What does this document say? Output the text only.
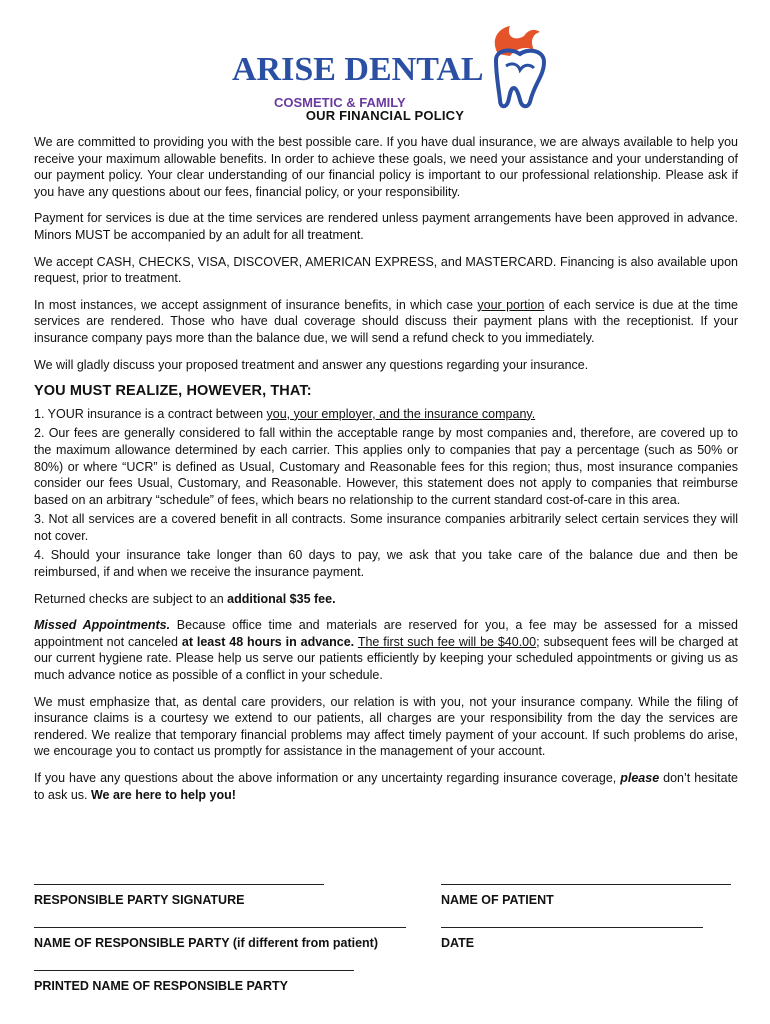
ARISE DENTAL
COSMETIC & FAMILY
OUR FINANCIAL POLICY

We are committed to providing you with the best possible care. If you have dual insurance, we are always available to help you receive your maximum allowable benefits. In order to achieve these goals, we need your assistance and your understanding of our payment policy. Your clear understanding of our financial policy is important to our professional relationship. Please ask if you have any questions about our fees, financial policy, or your responsibility.

Payment for services is due at the time services are rendered unless payment arrangements have been approved in advance. Minors MUST be accompanied by an adult for all treatment.

We accept CASH, CHECKS, VISA, DISCOVER, AMERICAN EXPRESS, and MASTERCARD. Financing is also available upon request, prior to treatment.

In most instances, we accept assignment of insurance benefits, in which case your portion of each service is due at the time services are rendered. Those who have dual coverage should discuss their payment plans with the receptionist. If your insurance company pays more than the balance due, we will send a refund check to you immediately.

We will gladly discuss your proposed treatment and answer any questions regarding your insurance.

YOU MUST REALIZE, HOWEVER, THAT:

1. YOUR insurance is a contract between you, your employer, and the insurance company.

2. Our fees are generally considered to fall within the acceptable range by most companies and, therefore, are covered up to the maximum allowance determined by each carrier. This applies only to companies that pay a percentage (such as 50% or 80%) or where “UCR” is defined as Usual, Customary and Reasonable fees for this region; thus, most insurance companies consider our fees Usual, Customary, and Reasonable. However, this statement does not apply to companies that reimburse based on an arbitrary “schedule” of fees, which bears no relationship to the current standard cost-of-care in this area.

3. Not all services are a covered benefit in all contracts. Some insurance companies arbitrarily select certain services they will not cover.

4. Should your insurance take longer than 60 days to pay, we ask that you take care of the balance due and then be reimbursed, if and when we receive the insurance payment.

Returned checks are subject to an additional $35 fee.

Missed Appointments. Because office time and materials are reserved for you, a fee may be assessed for a missed appointment not canceled at least 48 hours in advance. The first such fee will be $40.00; subsequent fees will be charged at our current hygiene rate. Please help us serve our patients efficiently by keeping your scheduled appointments or giving us as much advance notice as possible of a conflict in your schedule.

We must emphasize that, as dental care providers, our relation is with you, not your insurance company. While the filing of insurance claims is a courtesy we extend to our patients, all charges are your responsibility from the day the services are rendered. We realize that temporary financial problems may affect timely payment of your account. If such problems do arise, we encourage you to contact us promptly for assistance in the management of your account.

If you have any questions about the above information or any uncertainty regarding insurance coverage, please don’t hesitate to ask us. We are here to help you!

RESPONSIBLE PARTY SIGNATURE	NAME OF PATIENT
NAME OF RESPONSIBLE PARTY (if different from patient)	DATE
PRINTED NAME OF RESPONSIBLE PARTY
